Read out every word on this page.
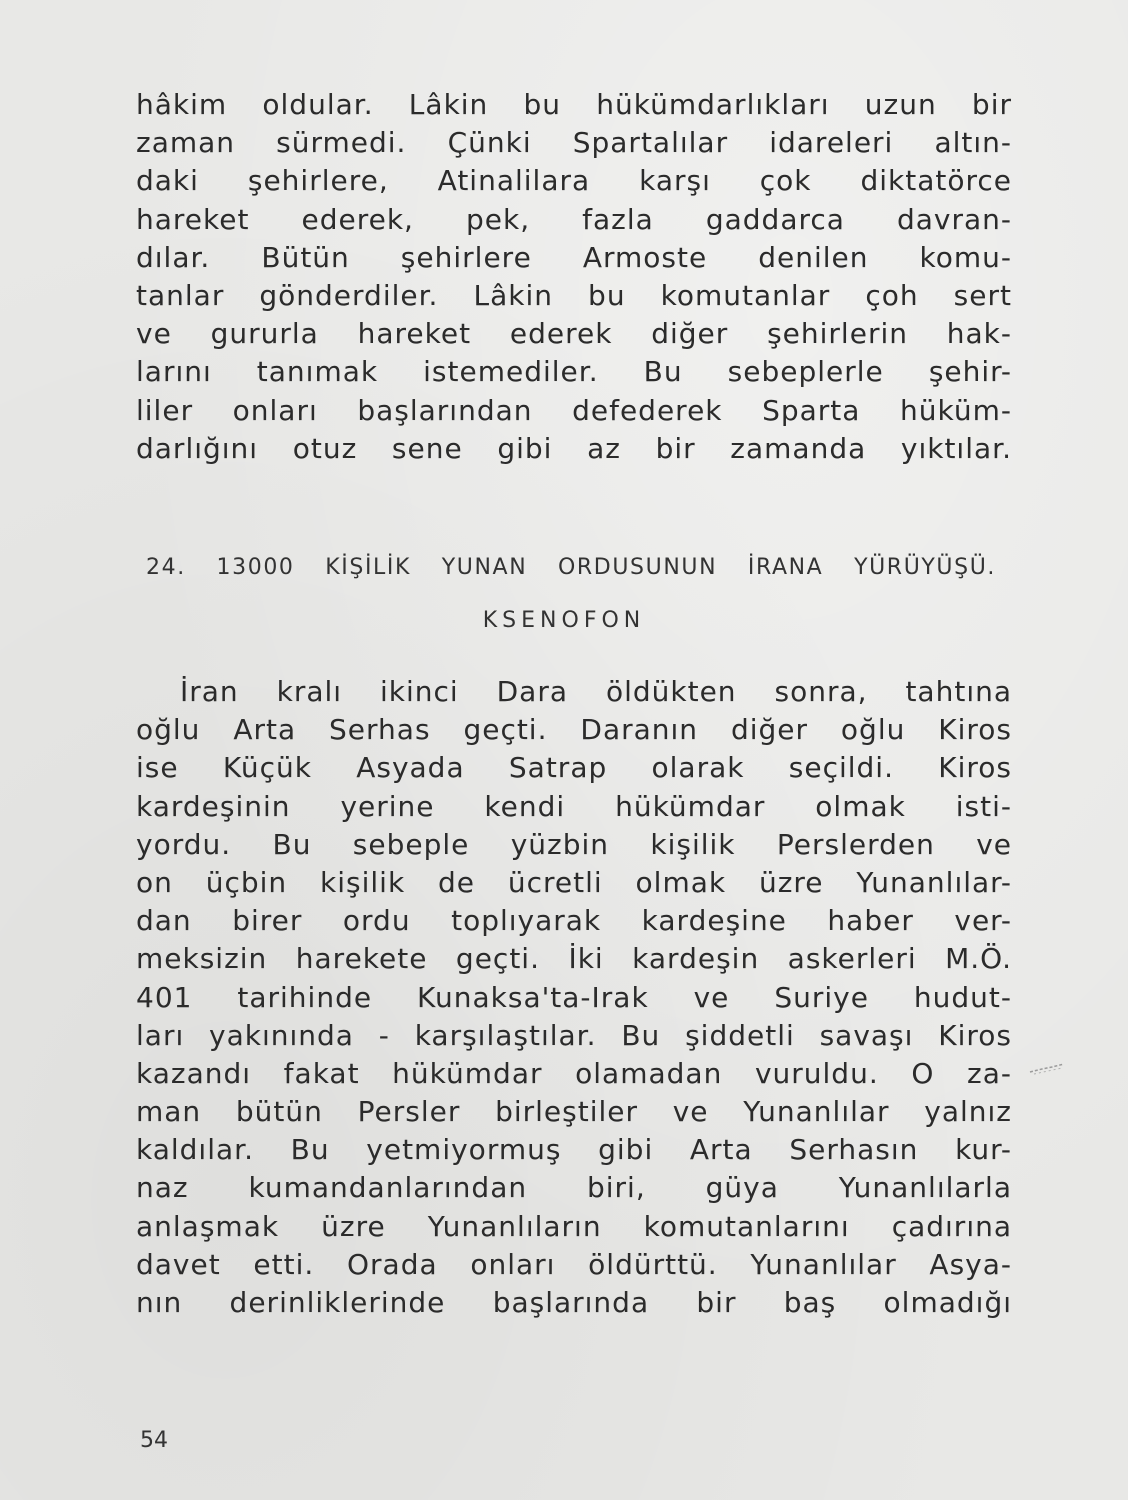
hâkim oldular. Lâkin bu hükümdarlıkları uzun bir
zaman sürmedi. Çünki Spartalılar idareleri altın-
daki şehirlere, Atinalilara karşı çok diktatörce
hareket ederek, pek, fazla gaddarca davran-
dılar. Bütün şehirlere Armoste denilen komu-
tanlar gönderdiler. Lâkin bu komutanlar çoh sert
ve gururla hareket ederek diğer şehirlerin hak-
larını tanımak istemediler. Bu sebeplerle şehir-
liler onları başlarından defederek Sparta hüküm-
darlığını otuz sene gibi az bir zamanda yıktılar.
24. 13000 KİŞİLİK YUNAN ORDUSUNUN İRANA YÜRÜYÜŞÜ.
KSENOFON
İran kralı ikinci Dara öldükten sonra, tahtına
oğlu Arta Serhas geçti. Daranın diğer oğlu Kiros
ise Küçük Asyada Satrap olarak seçildi. Kiros
kardeşinin yerine kendi hükümdar olmak isti-
yordu. Bu sebeple yüzbin kişilik Perslerden ve
on üçbin kişilik de ücretli olmak üzre Yunanlılar-
dan birer ordu toplıyarak kardeşine haber ver-
meksizin harekete geçti. İki kardeşin askerleri M.Ö.
401 tarihinde Kunaksa'ta-Irak ve Suriye hudut-
ları yakınında - karşılaştılar. Bu şiddetli savaşı Kiros
kazandı fakat hükümdar olamadan vuruldu. O za-
man bütün Persler birleştiler ve Yunanlılar yalnız
kaldılar. Bu yetmiyormuş gibi Arta Serhasın kur-
naz kumandanlarından biri, güya Yunanlılarla
anlaşmak üzre Yunanlıların komutanlarını çadırına
davet etti. Orada onları öldürttü. Yunanlılar Asya-
nın derinliklerinde başlarında bir baş olmadığı
54
